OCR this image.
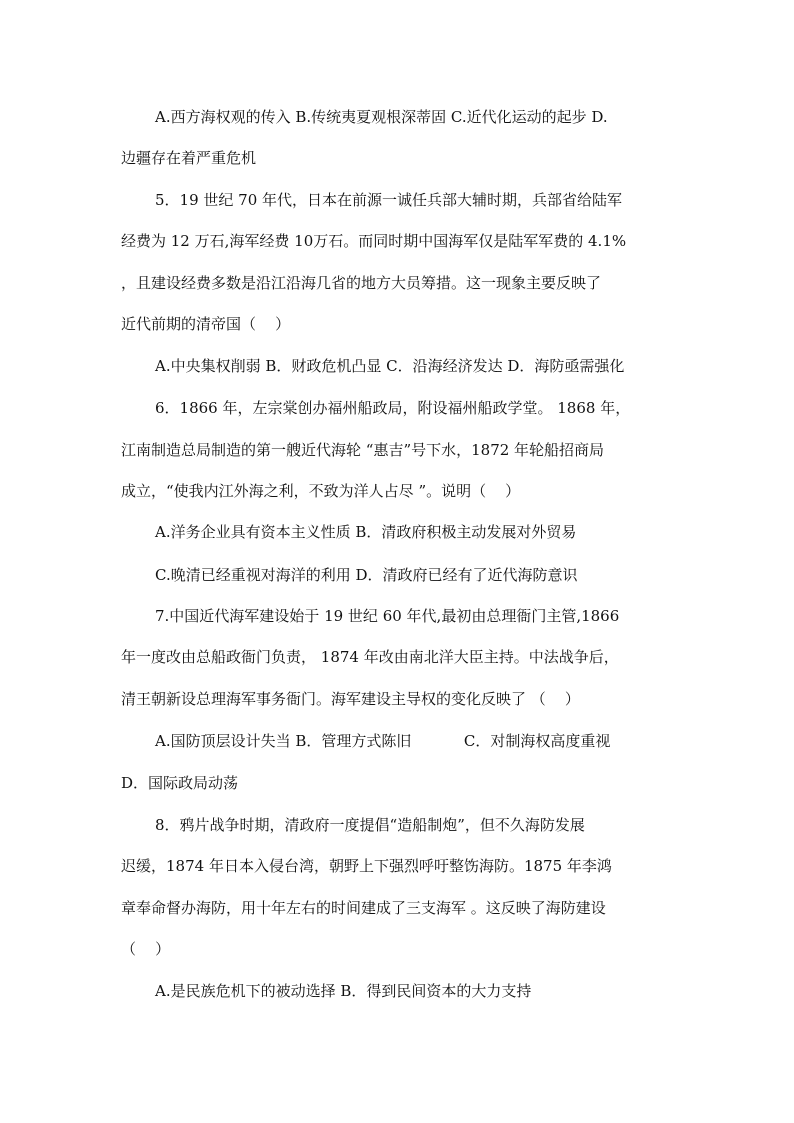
A.西方海权观的传入 B.传统夷夏观根深蒂固 C.近代化运动的起步 D.
边疆存在着严重危机
5．19 世纪 70 年代，日本在前源一诚任兵部大辅时期，兵部省给陆军
经费为 12 万石,海军经费 10万石。而同时期中国海军仅是陆军军费的 4.1%
，且建设经费多数是沿江沿海几省的地方大员筹措。这一现象主要反映了
近代前期的清帝国（    ）
A.中央集权削弱 B．财政危机凸显 C．沿海经济发达 D．海防亟需强化
6．1866 年，左宗棠创办福州船政局，附设福州船政学堂。 1868 年，
江南制造总局制造的第一艘近代海轮 “惠吉”号下水，1872 年轮船招商局
成立，“使我内江外海之利，不致为洋人占尽 ”。说明（    ）
A.洋务企业具有资本主义性质 B．清政府积极主动发展对外贸易
C.晚清已经重视对海洋的利用 D．清政府已经有了近代海防意识
7.中国近代海军建设始于 19 世纪 60 年代,最初由总理衙门主管,1866
年一度改由总船政衙门负责， 1874 年改由南北洋大臣主持。中法战争后，
清王朝新设总理海军事务衙门。海军建设主导权的变化反映了 （    ）
A.国防顶层设计失当 B．管理方式陈旧           C．对制海权高度重视
D．国际政局动荡
8．鸦片战争时期，清政府一度提倡“造船制炮”，但不久海防发展
迟缓，1874 年日本入侵台湾，朝野上下强烈呼吁整饬海防。1875 年李鸿
章奉命督办海防，用十年左右的时间建成了三支海军 。这反映了海防建设
（    ）
A.是民族危机下的被动选择 B．得到民间资本的大力支持
